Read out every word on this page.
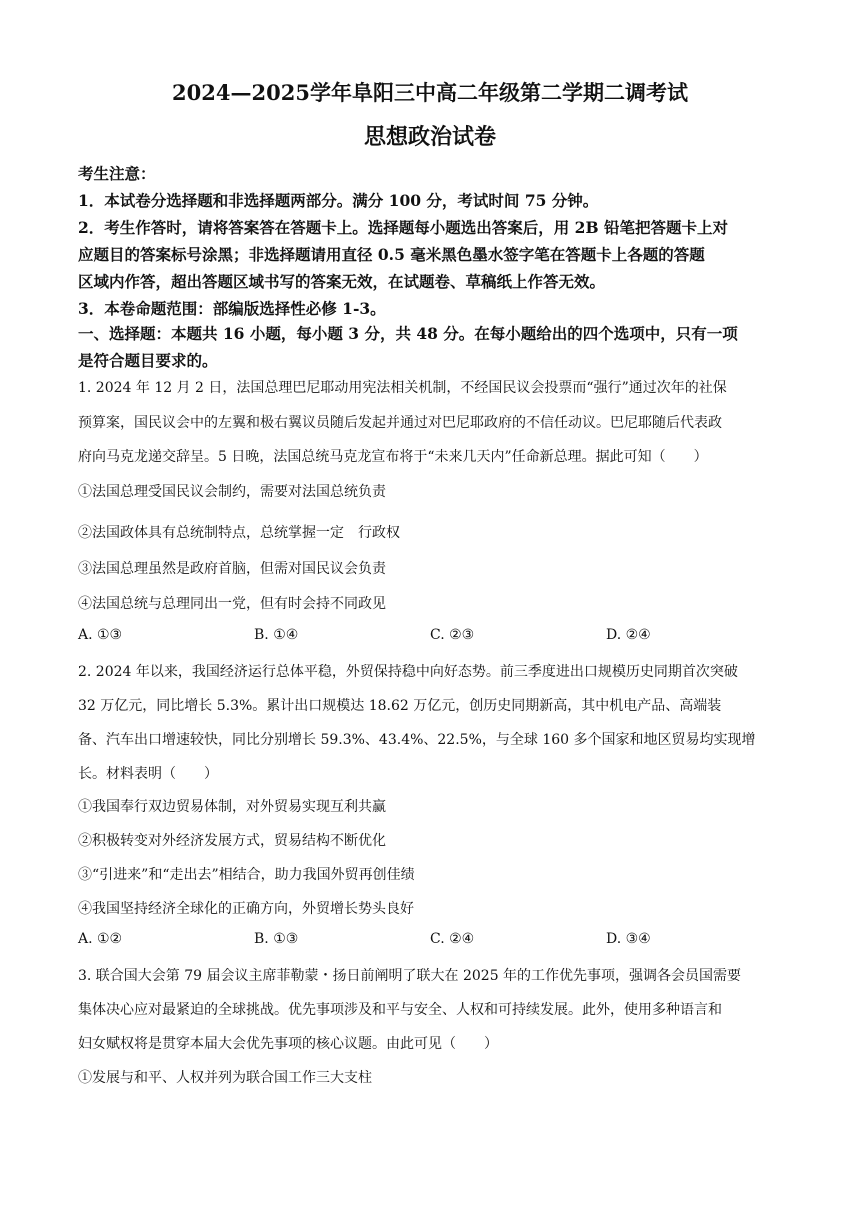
2024—2025学年阜阳三中高二年级第二学期二调考试
思想政治试卷
考生注意：
1．本试卷分选择题和非选择题两部分。满分 100 分，考试时间 75 分钟。
2．考生作答时，请将答案答在答题卡上。选择题每小题选出答案后，用 2B 铅笔把答题卡上对
应题目的答案标号涂黑；非选择题请用直径 0.5 毫米黑色墨水签字笔在答题卡上各题的答题
区域内作答，超出答题区域书写的答案无效，在试题卷、草稿纸上作答无效。
3．本卷命题范围：部编版选择性必修 1-3。
一、选择题：本题共 16 小题，每小题 3 分，共 48 分。在每小题给出的四个选项中，只有一项
是符合题目要求的。
1. 2024 年 12 月 2 日，法国总理巴尼耶动用宪法相关机制，不经国民议会投票而“强行”通过次年的社保
预算案，国民议会中的左翼和极右翼议员随后发起并通过对巴尼耶政府的不信任动议。巴尼耶随后代表政
府向马克龙递交辞呈。5 日晚，法国总统马克龙宣布将于“未来几天内”任命新总理。据此可知（　　）
①法国总理受国民议会制约，需要对法国总统负责
②法国政体具有总统制特点，总统掌握一定　行政权
③法国总理虽然是政府首脑，但需对国民议会负责
④法国总统与总理同出一党，但有时会持不同政见
A. ①③	B. ①④	C. ②③	D. ②④
2. 2024 年以来，我国经济运行总体平稳，外贸保持稳中向好态势。前三季度进出口规模历史同期首次突破
32 万亿元，同比增长 5.3%。累计出口规模达 18.62 万亿元，创历史同期新高，其中机电产品、高端装
备、汽车出口增速较快，同比分别增长 59.3%、43.4%、22.5%，与全球 160 多个国家和地区贸易均实现增
长。材料表明（　　）
①我国奉行双边贸易体制，对外贸易实现互利共赢
②积极转变对外经济发展方式，贸易结构不断优化
③“引进来”和“走出去”相结合，助力我国外贸再创佳绩
④我国坚持经济全球化的正确方向，外贸增长势头良好
A. ①②	B. ①③	C. ②④	D. ③④
3. 联合国大会第 79 届会议主席菲勒蒙・扬日前阐明了联大在 2025 年的工作优先事项，强调各会员国需要
集体决心应对最紧迫的全球挑战。优先事项涉及和平与安全、人权和可持续发展。此外，使用多种语言和
妇女赋权将是贯穿本届大会优先事项的核心议题。由此可见（　　）
①发展与和平、人权并列为联合国工作三大支柱
